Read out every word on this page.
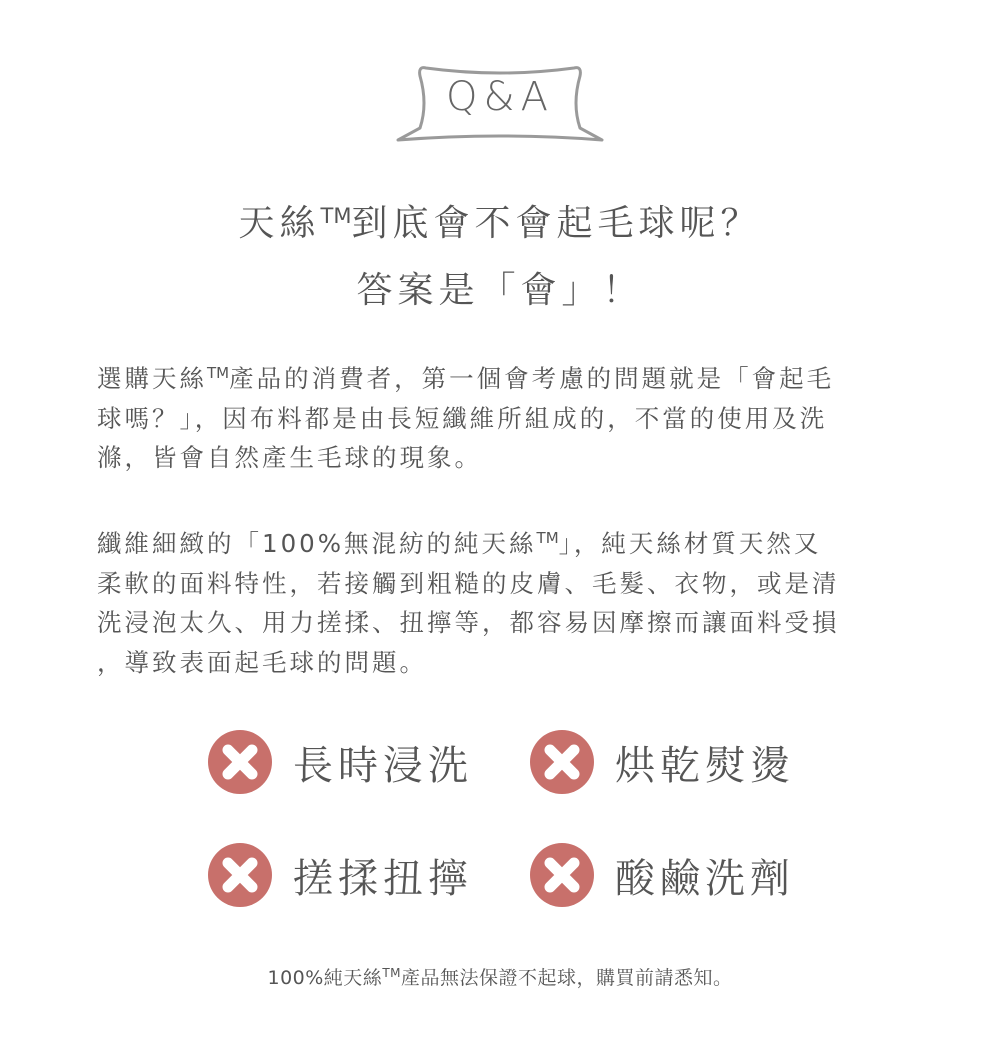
Q&A
天絲™到底會不會起毛球呢？
答案是「會」！
選購天絲™產品的消費者，第一個會考慮的問題就是「會起毛
球嗎？」，因布料都是由長短纖維所組成的，不當的使用及洗
滌，皆會自然產生毛球的現象。
纖維細緻的「100%無混紡的純天絲™」，純天絲材質天然又
柔軟的面料特性，若接觸到粗糙的皮膚、毛髮、衣物，或是清
洗浸泡太久、用力搓揉、扭擰等，都容易因摩擦而讓面料受損
，導致表面起毛球的問題。
長時浸洗	烘乾熨燙
搓揉扭擰	酸鹼洗劑
100%純天絲™產品無法保證不起球，購買前請悉知。
